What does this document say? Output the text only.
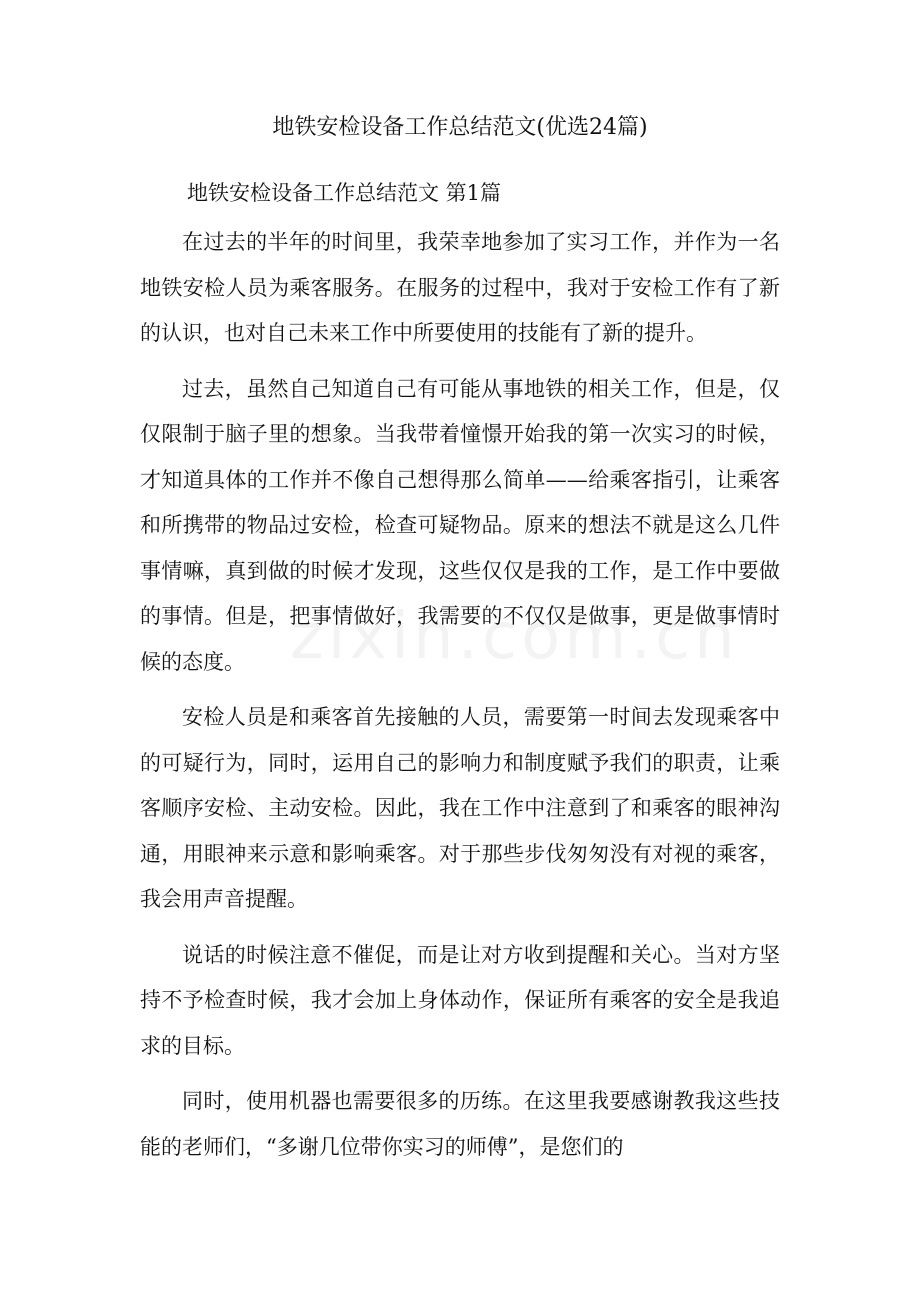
地铁安检设备工作总结范文(优选24篇)
地铁安检设备工作总结范文 第1篇

在过去的半年的时间里，我荣幸地参加了实习工作，并作为一名地铁安检人员为乘客服务。在服务的过程中，我对于安检工作有了新的认识，也对自己未来工作中所要使用的技能有了新的提升。

过去，虽然自己知道自己有可能从事地铁的相关工作，但是，仅仅限制于脑子里的想象。当我带着憧憬开始我的第一次实习的时候，才知道具体的工作并不像自己想得那么简单——给乘客指引，让乘客和所携带的物品过安检，检查可疑物品。原来的想法不就是这么几件事情嘛，真到做的时候才发现，这些仅仅是我的工作，是工作中要做的事情。但是，把事情做好，我需要的不仅仅是做事，更是做事情时候的态度。

安检人员是和乘客首先接触的人员，需要第一时间去发现乘客中的可疑行为，同时，运用自己的影响力和制度赋予我们的职责，让乘客顺序安检、主动安检。因此，我在工作中注意到了和乘客的眼神沟通，用眼神来示意和影响乘客。对于那些步伐匆匆没有对视的乘客，我会用声音提醒。

说话的时候注意不催促，而是让对方收到提醒和关心。当对方坚持不予检查时候，我才会加上身体动作，保证所有乘客的安全是我追求的目标。

同时，使用机器也需要很多的历练。在这里我要感谢教我这些技能的老师们，“多谢几位带你实习的师傅”，是您们的
